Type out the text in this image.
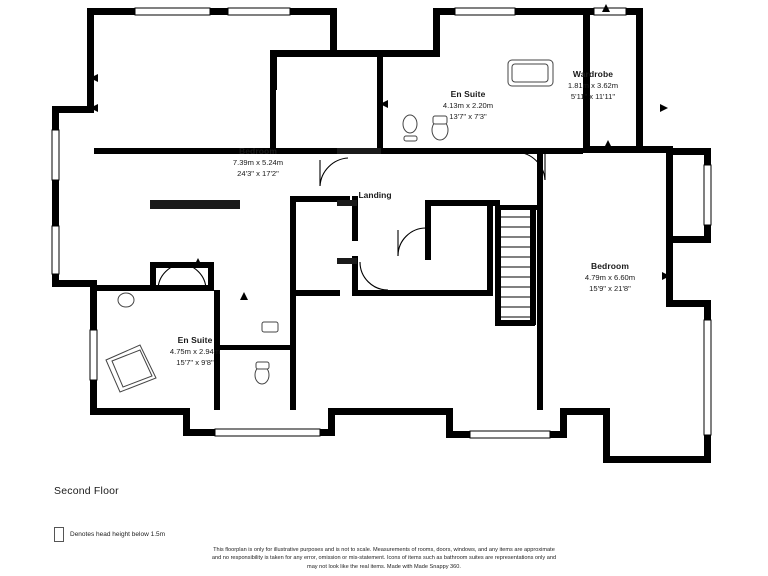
Bedroom
7.39m x 5.24m
24'3" x 17'2"
En Suite
4.13m x 2.20m
13'7" x 7'3"
Wardrobe
1.81m x 3.62m
5'11" x 11'11"
Bedroom
4.79m x 6.60m
15'9" x 21'8"
En Suite
4.75m x 2.94m
15'7" x 9'8"
Landing
Second Floor
Denotes head height below 1.5m
This floorplan is only for illustrative purposes and is not to scale. Measurements of rooms, doors, windows, and any items are approximate
and no responsibility is taken for any error, omission or mis-statement. Icons of items such as bathroom suites are representations only and
may not look like the real items. Made with Made Snappy 360.
